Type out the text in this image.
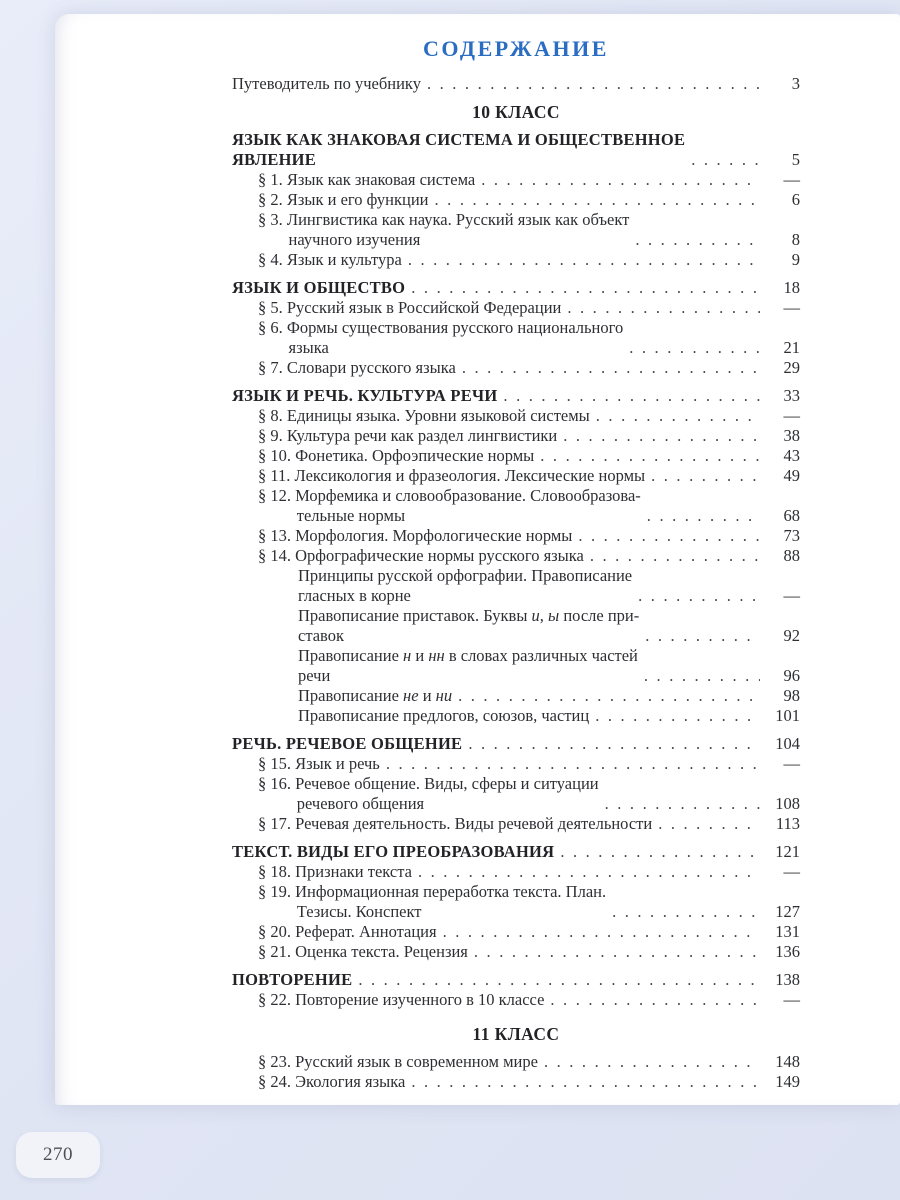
СОДЕРЖАНИЕ
Путеводитель по учебнику . . .	3
10 КЛАСС
ЯЗЫК КАК ЗНАКОВАЯ СИСТЕМА И ОБЩЕСТВЕННОЕ
ЯВЛЕНИЕ . . .	5
§ 1. Язык как знаковая система . . .	—
§ 2. Язык и его функции . . .	6
§ 3. Лингвистика как наука. Русский язык как объект
научного изучения . . .	8
§ 4. Язык и культура . . .	9
ЯЗЫК И ОБЩЕСТВО . . .	18
§ 5. Русский язык в Российской Федерации . . .	—
§ 6. Формы существования русского национального
языка . . .	21
§ 7. Словари русского языка . . .	29
ЯЗЫК И РЕЧЬ. КУЛЬТУРА РЕЧИ . . .	33
§ 8. Единицы языка. Уровни языковой системы . . .	—
§ 9. Культура речи как раздел лингвистики . . .	38
§ 10. Фонетика. Орфоэпические нормы . . .	43
§ 11. Лексикология и фразеология. Лексические нормы . . .	49
§ 12. Морфемика и словообразование. Словообразова-
тельные нормы . . .	68
§ 13. Морфология. Морфологические нормы . . .	73
§ 14. Орфографические нормы русского языка . . .	88
Принципы русской орфографии. Правописание
гласных в корне . . .	—
Правописание приставок. Буквы и, ы после при-
ставок . . .	92
Правописание н и нн в словах различных частей
речи . . .	96
Правописание не и ни . . .	98
Правописание предлогов, союзов, частиц . . .	101
РЕЧЬ. РЕЧЕВОЕ ОБЩЕНИЕ . . .	104
§ 15. Язык и речь . . .	—
§ 16. Речевое общение. Виды, сферы и ситуации
речевого общения . . .	108
§ 17. Речевая деятельность. Виды речевой деятельности . . .	113
ТЕКСТ. ВИДЫ ЕГО ПРЕОБРАЗОВАНИЯ . . .	121
§ 18. Признаки текста . . .	—
§ 19. Информационная переработка текста. План.
Тезисы. Конспект . . .	127
§ 20. Реферат. Аннотация . . .	131
§ 21. Оценка текста. Рецензия . . .	136
ПОВТОРЕНИЕ . . .	138
§ 22. Повторение изученного в 10 классе . . .	—
11 КЛАСС
§ 23. Русский язык в современном мире . . .	148
§ 24. Экология языка . . .	149
270
